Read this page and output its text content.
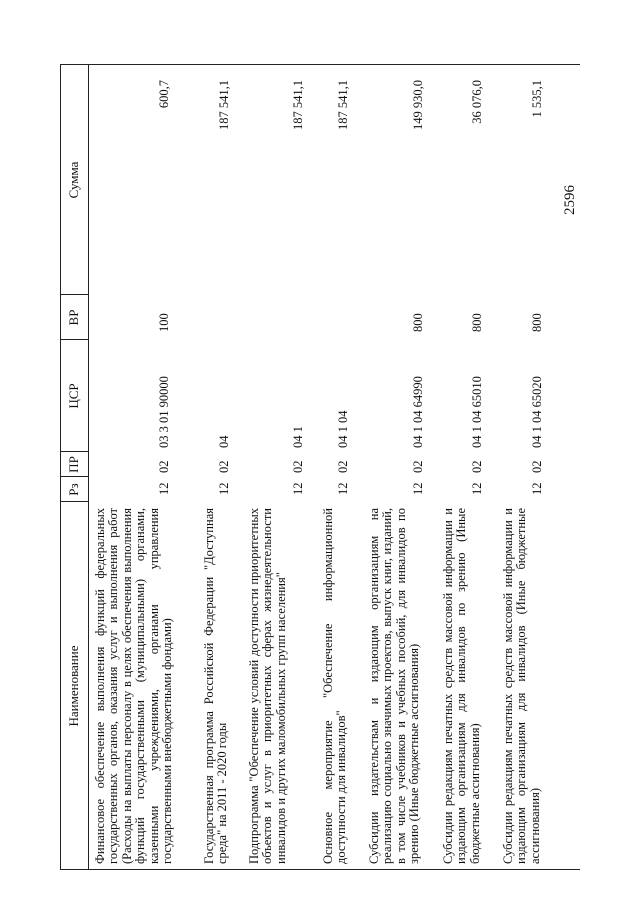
2596
Наименование
Рз
ПР
ЦСР
ВР
Сумма
Финансовое обеспечение выполнения функций федеральных государственных органов, оказания услуг и выполнения работ (Расходы на выплаты персоналу в целях обеспечения выполнения функций государственными (муниципальными) органами, казенными учреждениями, органами управления государственными внебюджетными фондами)
12
02
03 3 01 90000
100
600,7
Государственная программа Российской Федерации "Доступная среда" на 2011 - 2020 годы
12
02
04
187 541,1
Подпрограмма "Обеспечение условий доступности приоритетных объектов и услуг в приоритетных сферах жизнедеятельности инвалидов и других маломобильных групп населения"
12
02
04 1
187 541,1
Основное мероприятие "Обеспечение информационной доступности для инвалидов"
12
02
04 1 04
187 541,1
Субсидии издательствам и издающим организациям на реализацию социально значимых проектов, выпуск книг, изданий, в том числе учебников и учебных пособий, для инвалидов по зрению (Иные бюджетные ассигнования)
12
02
04 1 04 64990
800
149 930,0
Субсидии редакциям печатных средств массовой информации и издающим организациям для инвалидов по зрению (Иные бюджетные ассигнования)
12
02
04 1 04 65010
800
36 076,0
Субсидии редакциям печатных средств массовой информации и издающим организациям для инвалидов (Иные бюджетные ассигнования)
12
02
04 1 04 65020
800
1 535,1
